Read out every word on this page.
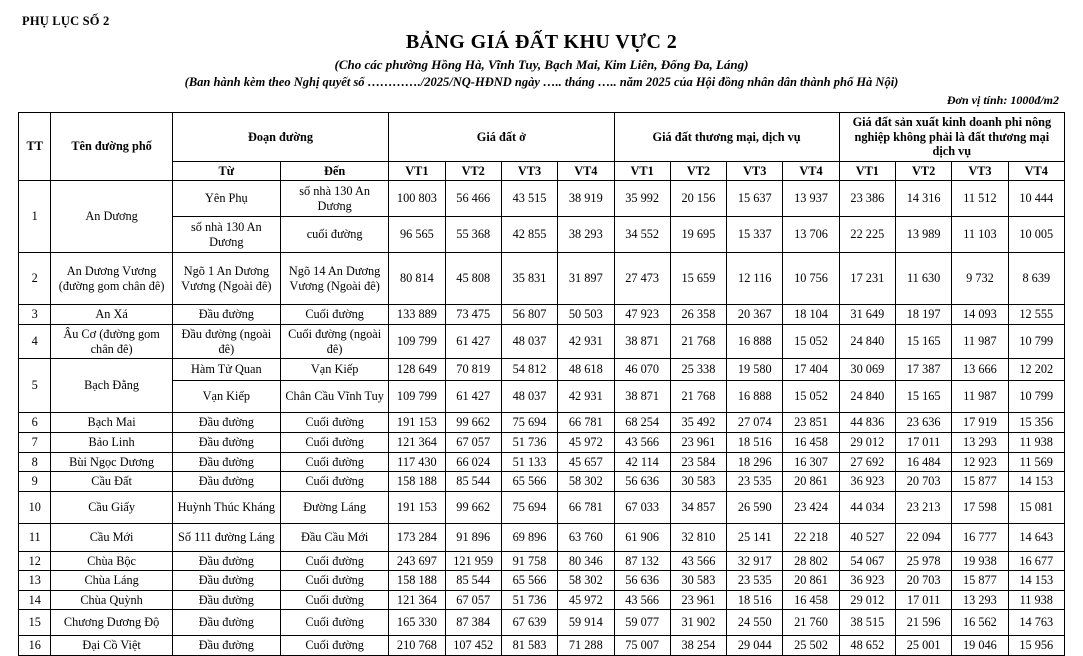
PHỤ LỤC SỐ 2
BẢNG GIÁ ĐẤT KHU VỰC 2
(Cho các phường Hồng Hà, Vĩnh Tuy, Bạch Mai, Kim Liên, Đống Đa, Láng)
(Ban hành kèm theo Nghị quyết số …………./2025/NQ-HĐND ngày ….. tháng ….. năm 2025 của Hội đồng nhân dân thành phố Hà Nội)
Đơn vị tính: 1000đ/m2
TT	Tên đường phố	Đoạn đường		Giá đất ở				Giá đất thương mại, dịch vụ				Giá đất sản xuất kinh doanh phi nông nghiệp không phải là đất thương mại dịch vụ			
		Từ	Đến	VT1	VT2	VT3	VT4	VT1	VT2	VT3	VT4	VT1	VT2	VT3	VT4
1	An Dương	Yên Phụ	số nhà 130 An Dương	100 803	56 466	43 515	38 919	35 992	20 156	15 637	13 937	23 386	14 316	11 512	10 444
		số nhà 130 An Dương	cuối đường	96 565	55 368	42 855	38 293	34 552	19 695	15 337	13 706	22 225	13 989	11 103	10 005
2	An Dương Vương (đường gom chân đê)	Ngõ 1 An Dương Vương (Ngoài đê)	Ngõ 14 An Dương Vương (Ngoài đê)	80 814	45 808	35 831	31 897	27 473	15 659	12 116	10 756	17 231	11 630	9 732	8 639
3	An Xá	Đầu đường	Cuối đường	133 889	73 475	56 807	50 503	47 923	26 358	20 367	18 104	31 649	18 197	14 093	12 555
4	Âu Cơ (đường gom chân đê)	Đầu đường (ngoài đê)	Cuối đường (ngoài đê)	109 799	61 427	48 037	42 931	38 871	21 768	16 888	15 052	24 840	15 165	11 987	10 799
5	Bạch Đằng	Hàm Tử Quan	Vạn Kiếp	128 649	70 819	54 812	48 618	46 070	25 338	19 580	17 404	30 069	17 387	13 666	12 202
		Vạn Kiếp	Chân Cầu Vĩnh Tuy	109 799	61 427	48 037	42 931	38 871	21 768	16 888	15 052	24 840	15 165	11 987	10 799
6	Bạch Mai	Đầu đường	Cuối đường	191 153	99 662	75 694	66 781	68 254	35 492	27 074	23 851	44 836	23 636	17 919	15 356
7	Bảo Linh	Đầu đường	Cuối đường	121 364	67 057	51 736	45 972	43 566	23 961	18 516	16 458	29 012	17 011	13 293	11 938
8	Bùi Ngọc Dương	Đầu đường	Cuối đường	117 430	66 024	51 133	45 657	42 114	23 584	18 296	16 307	27 692	16 484	12 923	11 569
9	Cầu Đất	Đầu đường	Cuối đường	158 188	85 544	65 566	58 302	56 636	30 583	23 535	20 861	36 923	20 703	15 877	14 153
10	Cầu Giấy	Huỳnh Thúc Kháng	Đường Láng	191 153	99 662	75 694	66 781	67 033	34 857	26 590	23 424	44 034	23 213	17 598	15 081
11	Cầu Mới	Số 111 đường Láng	Đầu Cầu Mới	173 284	91 896	69 896	63 760	61 906	32 810	25 141	22 218	40 527	22 094	16 777	14 643
12	Chùa Bộc	Đầu đường	Cuối đường	243 697	121 959	91 758	80 346	87 132	43 566	32 917	28 802	54 067	25 978	19 938	16 677
13	Chùa Láng	Đầu đường	Cuối đường	158 188	85 544	65 566	58 302	56 636	30 583	23 535	20 861	36 923	20 703	15 877	14 153
14	Chùa Quỳnh	Đầu đường	Cuối đường	121 364	67 057	51 736	45 972	43 566	23 961	18 516	16 458	29 012	17 011	13 293	11 938
15	Chương Dương Độ	Đầu đường	Cuối đường	165 330	87 384	67 639	59 914	59 077	31 902	24 550	21 760	38 515	21 596	16 562	14 763
16	Đại Cồ Việt	Đầu đường	Cuối đường	210 768	107 452	81 583	71 288	75 007	38 254	29 044	25 502	48 652	25 001	19 046	15 956
